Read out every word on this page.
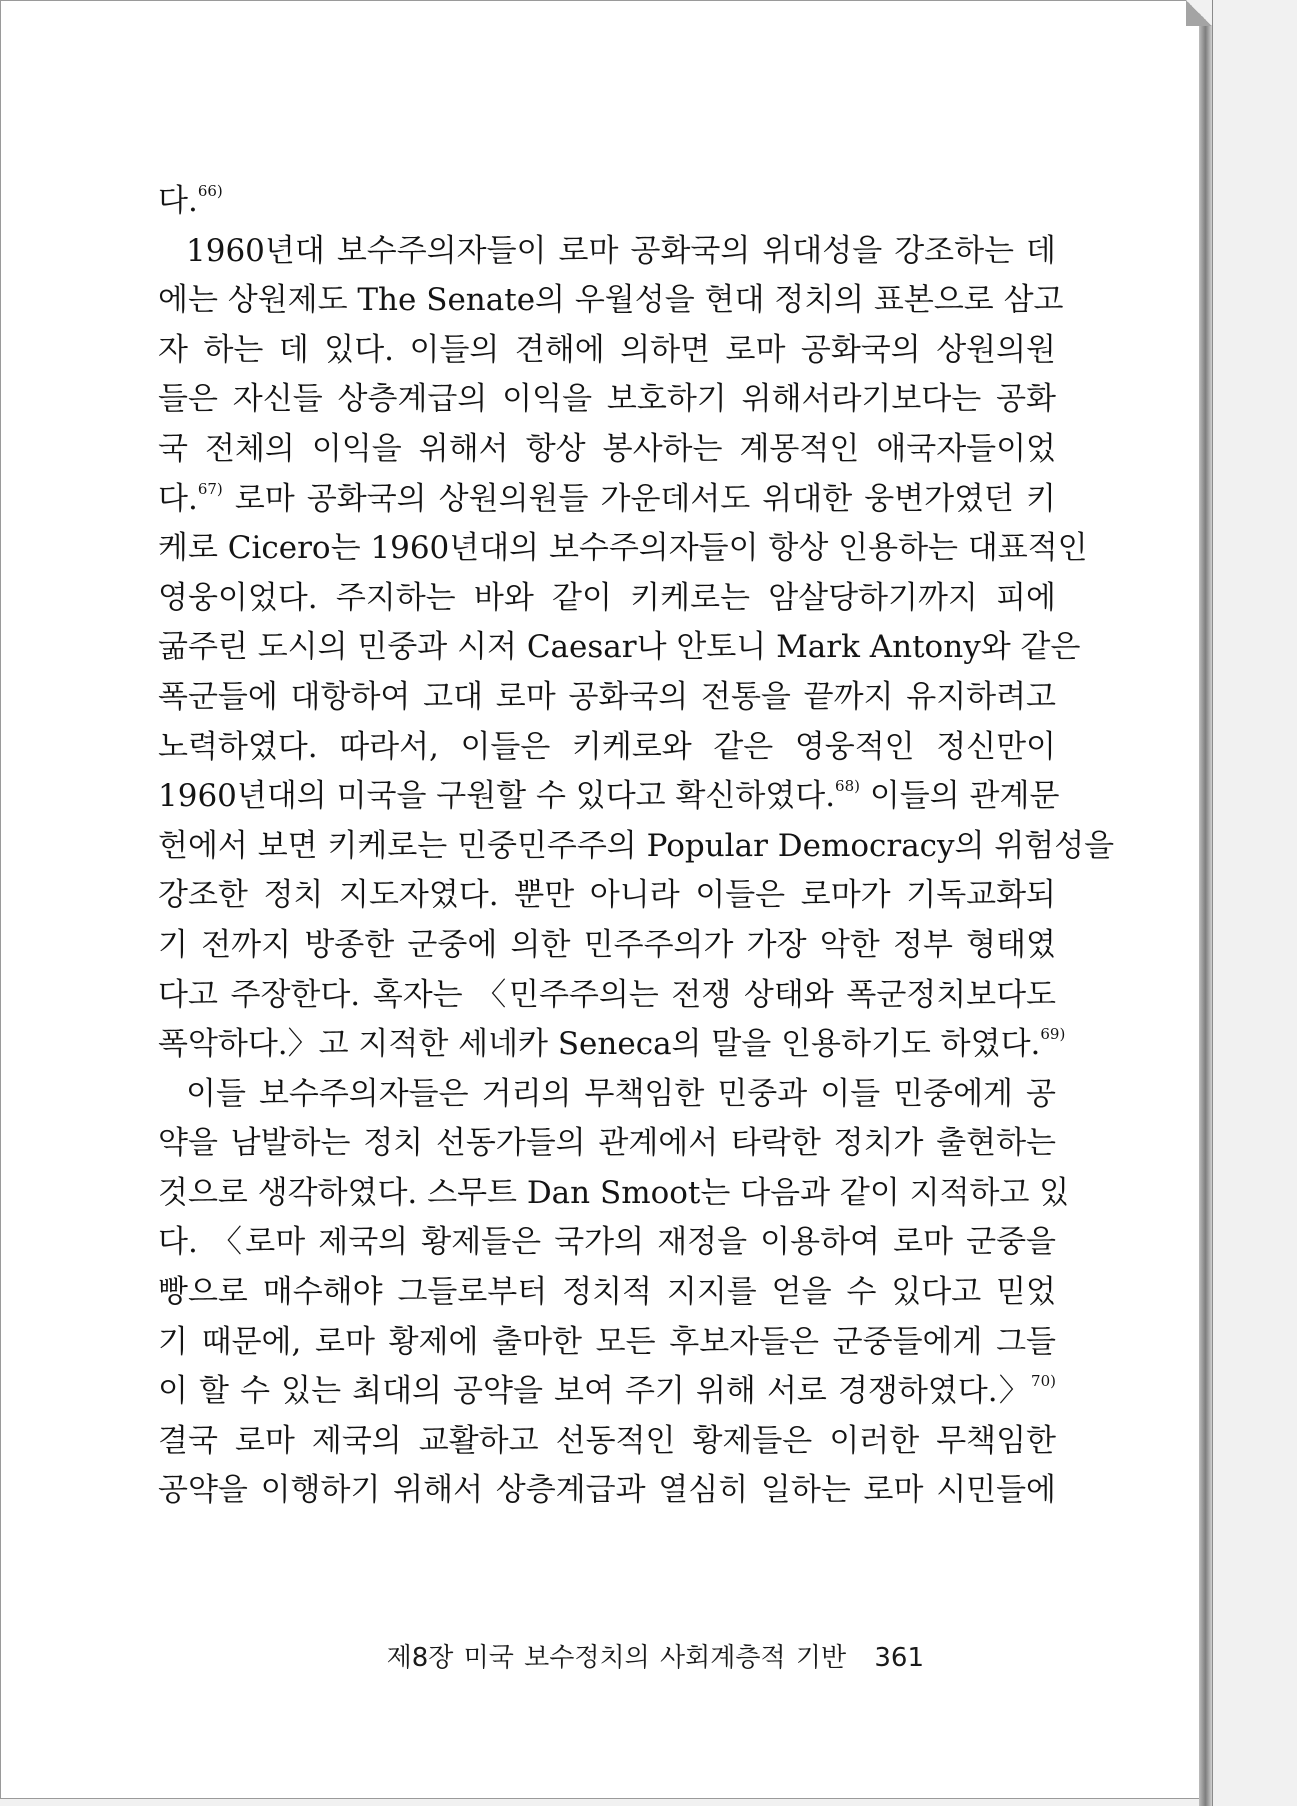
다.$^{66)}$
1960년대 보수주의자들이 로마 공화국의 위대성을 강조하는 데
에는 상원제도 The Senate의 우월성을 현대 정치의 표본으로 삼고
자 하는 데 있다. 이들의 견해에 의하면 로마 공화국의 상원의원
들은 자신들 상층계급의 이익을 보호하기 위해서라기보다는 공화
국 전체의 이익을 위해서 항상 봉사하는 계몽적인 애국자들이었
다.$^{67)}$ 로마 공화국의 상원의원들 가운데서도 위대한 웅변가였던 키
케로 Cicero는 1960년대의 보수주의자들이 항상 인용하는 대표적인
영웅이었다. 주지하는 바와 같이 키케로는 암살당하기까지 피에
굶주린 도시의 민중과 시저 Caesar나 안토니 Mark Antony와 같은
폭군들에 대항하여 고대 로마 공화국의 전통을 끝까지 유지하려고
노력하였다. 따라서, 이들은 키케로와 같은 영웅적인 정신만이
1960년대의 미국을 구원할 수 있다고 확신하였다.$^{68)}$ 이들의 관계문
헌에서 보면 키케로는 민중민주주의 Popular Democracy의 위험성을
강조한 정치 지도자였다. 뿐만 아니라 이들은 로마가 기독교화되
기 전까지 방종한 군중에 의한 민주주의가 가장 악한 정부 형태였
다고 주장한다. 혹자는 〈민주주의는 전쟁 상태와 폭군정치보다도
폭악하다.〉고 지적한 세네카 Seneca의 말을 인용하기도 하였다.$^{69)}$
이들 보수주의자들은 거리의 무책임한 민중과 이들 민중에게 공
약을 남발하는 정치 선동가들의 관계에서 타락한 정치가 출현하는
것으로 생각하였다. 스무트 Dan Smoot는 다음과 같이 지적하고 있
다. 〈로마 제국의 황제들은 국가의 재정을 이용하여 로마 군중을
빵으로 매수해야 그들로부터 정치적 지지를 얻을 수 있다고 믿었
기 때문에, 로마 황제에 출마한 모든 후보자들은 군중들에게 그들
이 할 수 있는 최대의 공약을 보여 주기 위해 서로 경쟁하였다.〉$^{70)}$
결국 로마 제국의 교활하고 선동적인 황제들은 이러한 무책임한
공약을 이행하기 위해서 상층계급과 열심히 일하는 로마 시민들에
제8장 미국 보수정치의 사회계층적 기반 361
